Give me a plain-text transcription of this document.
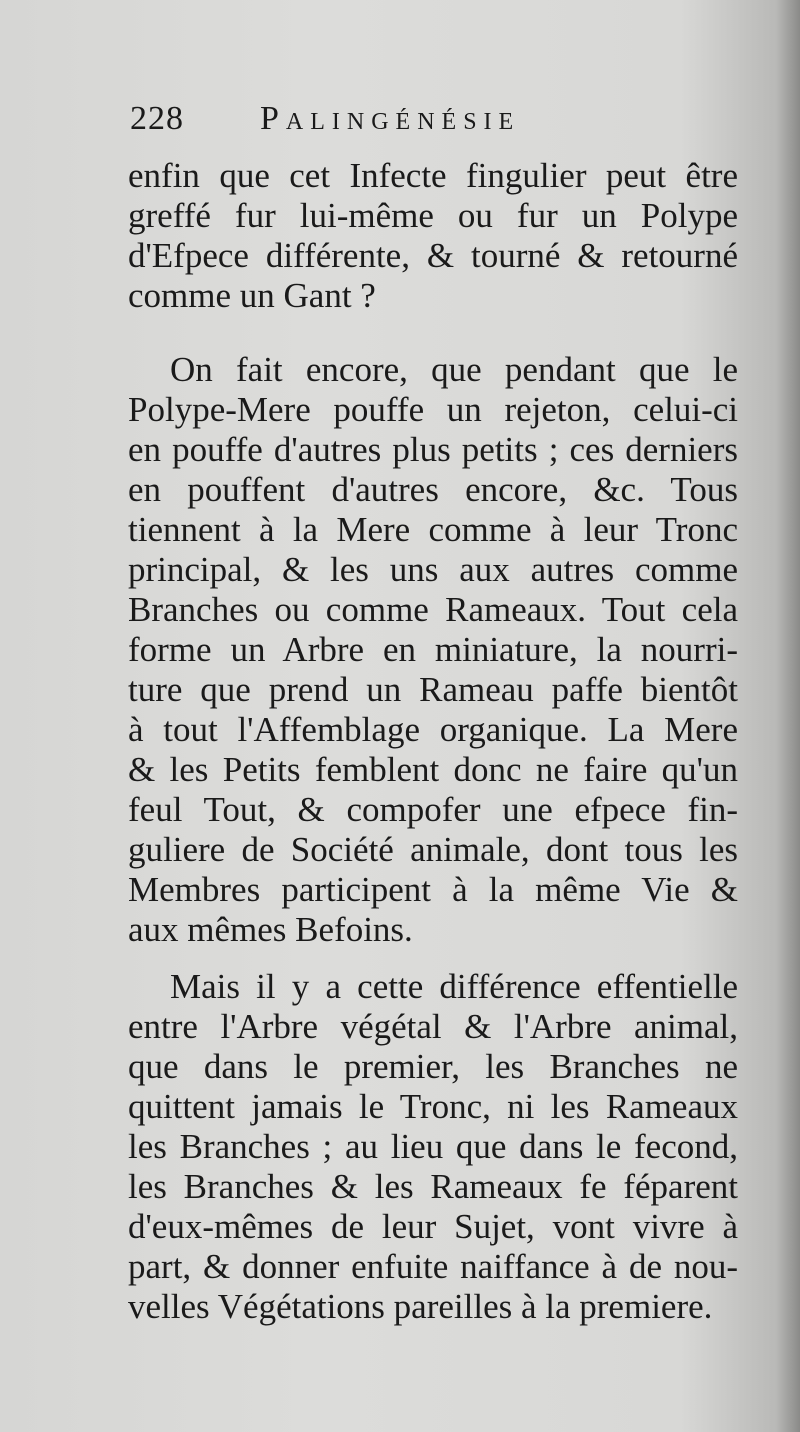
228 Palingénésie
enfin que cet Infecte fingulier peut être
greffé fur lui-même ou fur un Polype
d'Efpece différente, & tourné & retourné
comme un Gant ?
On fait encore, que pendant que le
Polype-Mere pouffe un rejeton, celui-ci
en pouffe d'autres plus petits ; ces derniers
en pouffent d'autres encore, &c. Tous
tiennent à la Mere comme à leur Tronc
principal, & les uns aux autres comme
Branches ou comme Rameaux. Tout cela
forme un Arbre en miniature, la nourri-
ture que prend un Rameau paffe bientôt
à tout l'Affemblage organique. La Mere
& les Petits femblent donc ne faire qu'un
feul Tout, & compofer une efpece fin-
guliere de Société animale, dont tous les
Membres participent à la même Vie &
aux mêmes Befoins.
Mais il y a cette différence effentielle
entre l'Arbre végétal & l'Arbre animal,
que dans le premier, les Branches ne
quittent jamais le Tronc, ni les Rameaux
les Branches ; au lieu que dans le fecond,
les Branches & les Rameaux fe féparent
d'eux-mêmes de leur Sujet, vont vivre à
part, & donner enfuite naiffance à de nou-
velles Végétations pareilles à la premiere.
